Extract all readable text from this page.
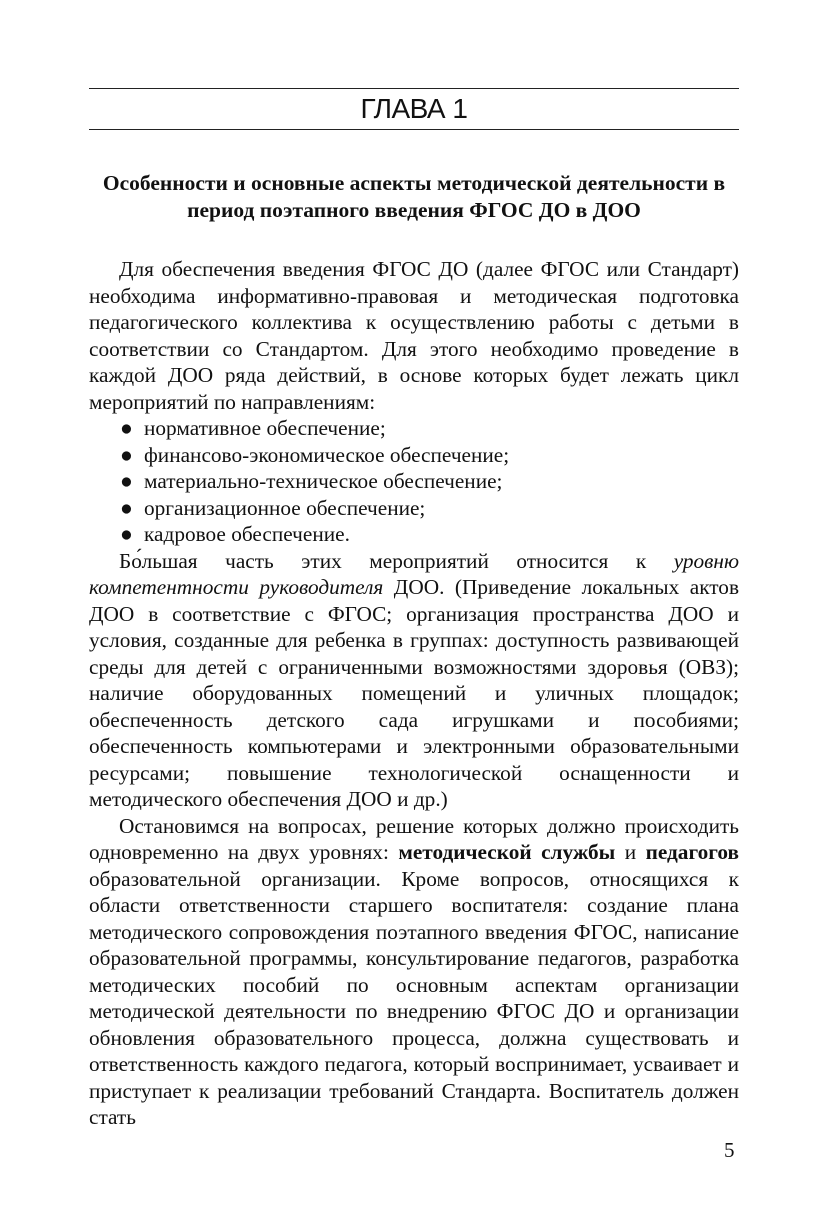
ГЛАВА 1
Особенности и основные аспекты методической деятельности в период поэтапного введения ФГОС ДО в ДОО

Для обеспечения введения ФГОС ДО (далее ФГОС или Стандарт) необходима информативно-правовая и методическая подготовка педагогического коллектива к осуществлению работы с детьми в соответствии со Стандартом. Для этого необходимо проведение в каждой ДОО ряда действий, в основе которых будет лежать цикл мероприятий по направлениям:

● нормативное обеспечение;
● финансово-экономическое обеспечение;
● материально-техническое обеспечение;
● организационное обеспечение;
● кадровое обеспечение.

Бо́льшая часть этих мероприятий относится к уровню компетентности руководителя ДОО. (Приведение локальных актов ДОО в соответствие с ФГОС; организация пространства ДОО и условия, созданные для ребенка в группах: доступность развивающей среды для детей с ограниченными возможностями здоровья (ОВЗ); наличие оборудованных помещений и уличных площадок; обеспеченность детского сада игрушками и пособиями; обеспеченность компьютерами и электронными образовательными ресурсами; повышение технологической оснащенности и методического обеспечения ДОО и др.)

Остановимся на вопросах, решение которых должно происходить одновременно на двух уровнях: методической службы и педагогов образовательной организации. Кроме вопросов, относящихся к области ответственности старшего воспитателя: создание плана методического сопровождения поэтапного введения ФГОС, написание образовательной программы, консультирование педагогов, разработка методических пособий по основным аспектам организации методической деятельности по внедрению ФГОС ДО и организации обновления образовательного процесса, должна существовать и ответственность каждого педагога, который воспринимает, усваивает и приступает к реализации требований Стандарта. Воспитатель должен стать

5
